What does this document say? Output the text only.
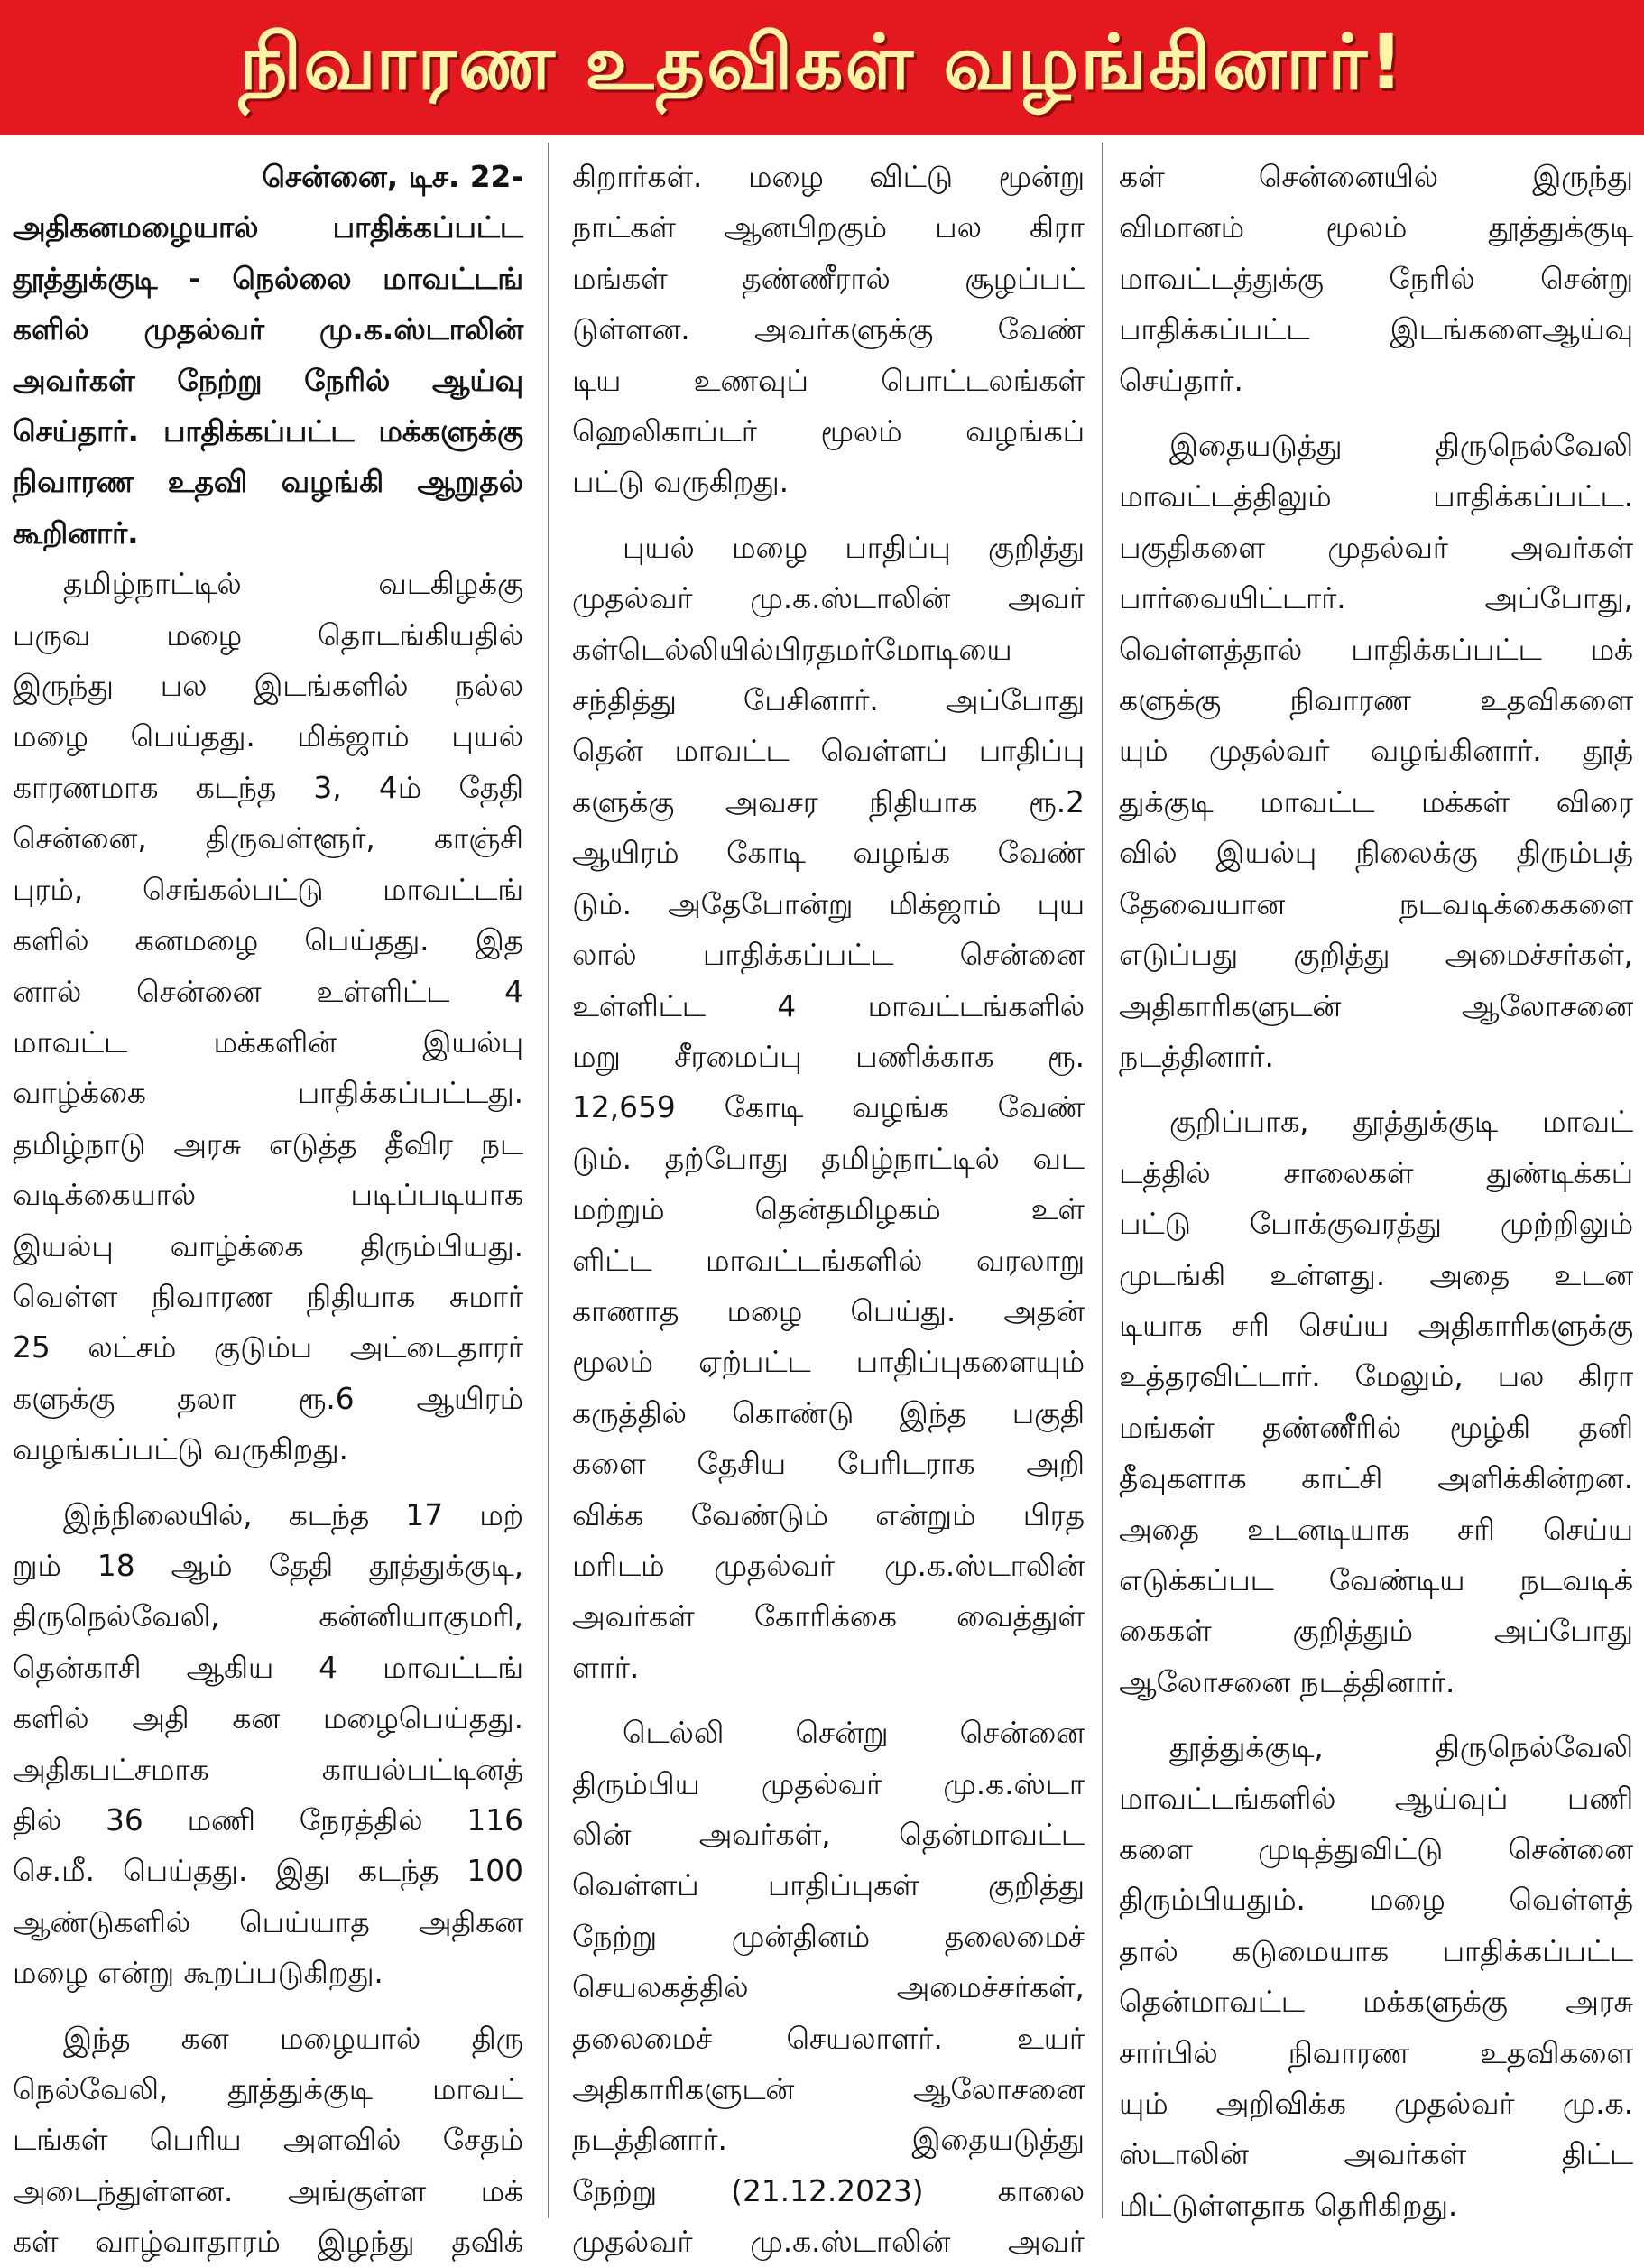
நிவாரண உதவிகள் வழங்கினார்!

சென்னை, டிச. 22-

அதிகனமழையால் பாதிக்கப்பட்ட

தூத்துக்குடி - நெல்லை மாவட்டங்

களில் முதல்வர் மு.க.ஸ்டாலின்

அவர்கள் நேற்று நேரில் ஆய்வு

செய்தார். பாதிக்கப்பட்ட மக்களுக்கு

நிவாரண உதவி வழங்கி ஆறுதல்

கூறினார்.

தமிழ்நாட்டில் வடகிழக்கு

பருவ மழை தொடங்கியதில்

இருந்து பல இடங்களில் நல்ல

மழை பெய்தது. மிக்ஜாம் புயல்

காரணமாக கடந்த 3, 4ம் தேதி

சென்னை, திருவள்ளூர், காஞ்சி

புரம், செங்கல்பட்டு மாவட்டங்

களில் கனமழை பெய்தது. இத

னால் சென்னை உள்ளிட்ட 4

மாவட்ட மக்களின் இயல்பு

வாழ்க்கை பாதிக்கப்பட்டது.

தமிழ்நாடு அரசு எடுத்த தீவிர நட

வடிக்கையால் படிப்படியாக

இயல்பு வாழ்க்கை திரும்பியது.

வெள்ள நிவாரண நிதியாக சுமார்

25 லட்சம் குடும்ப அட்டைதாரர்

களுக்கு தலா ரூ.6 ஆயிரம்

வழங்கப்பட்டு வருகிறது.

இந்நிலையில், கடந்த 17 மற்

றும் 18 ஆம் தேதி தூத்துக்குடி,

திருநெல்வேலி, கன்னியாகுமரி,

தென்காசி ஆகிய 4 மாவட்டங்

களில் அதி கன மழைபெய்தது.

அதிகபட்சமாக காயல்பட்டினத்

தில் 36 மணி நேரத்தில் 116

செ.மீ. பெய்தது. இது கடந்த 100

ஆண்டுகளில் பெய்யாத அதிகன

மழை என்று கூறப்படுகிறது.

இந்த கன மழையால் திரு

நெல்வேலி, தூத்துக்குடி மாவட்

டங்கள் பெரிய அளவில் சேதம்

அடைந்துள்ளன. அங்குள்ள மக்

கள் வாழ்வாதாரம் இழந்து தவிக்

கிறார்கள். மழை விட்டு மூன்று

நாட்கள் ஆனபிறகும் பல கிரா

மங்கள் தண்ணீரால் சூழப்பட்

டுள்ளன. அவர்களுக்கு வேண்

டிய உணவுப் பொட்டலங்கள்

ஹெலிகாப்டர் மூலம் வழங்கப்

பட்டு வருகிறது.

புயல் மழை பாதிப்பு குறித்து

முதல்வர் மு.க.ஸ்டாலின் அவர்

கள்டெல்லியில்பிரதமர்மோடியை

சந்தித்து பேசினார். அப்போது

தென் மாவட்ட வெள்ளப் பாதிப்பு

களுக்கு அவசர நிதியாக ரூ.2

ஆயிரம் கோடி வழங்க வேண்

டும். அதேபோன்று மிக்ஜாம் புய

லால் பாதிக்கப்பட்ட சென்னை

உள்ளிட்ட 4 மாவட்டங்களில்

மறு சீரமைப்பு பணிக்காக ரூ.

12,659 கோடி வழங்க வேண்

டும். தற்போது தமிழ்நாட்டில் வட

மற்றும் தென்தமிழகம் உள்

ளிட்ட மாவட்டங்களில் வரலாறு

காணாத மழை பெய்து. அதன்

மூலம் ஏற்பட்ட பாதிப்புகளையும்

கருத்தில் கொண்டு இந்த பகுதி

களை தேசிய பேரிடராக அறி

விக்க வேண்டும் என்றும் பிரத

மரிடம் முதல்வர் மு.க.ஸ்டாலின்

அவர்கள் கோரிக்கை வைத்துள்

ளார்.

டெல்லி சென்று சென்னை

திரும்பிய முதல்வர் மு.க.ஸ்டா

லின் அவர்கள், தென்மாவட்ட

வெள்ளப் பாதிப்புகள் குறித்து

நேற்று முன்தினம் தலைமைச்

செயலகத்தில் அமைச்சர்கள்,

தலைமைச் செயலாளர். உயர்

அதிகாரிகளுடன் ஆலோசனை

நடத்தினார். இதையடுத்து

நேற்று (21.12.2023) காலை

முதல்வர் மு.க.ஸ்டாலின் அவர்

கள் சென்னையில் இருந்து

விமானம் மூலம் தூத்துக்குடி

மாவட்டத்துக்கு நேரில் சென்று

பாதிக்கப்பட்ட இடங்களைஆய்வு

செய்தார்.

இதையடுத்து திருநெல்வேலி

மாவட்டத்திலும் பாதிக்கப்பட்ட.

பகுதிகளை முதல்வர் அவர்கள்

பார்வையிட்டார். அப்போது,

வெள்ளத்தால் பாதிக்கப்பட்ட மக்

களுக்கு நிவாரண உதவிகளை

யும் முதல்வர் வழங்கினார். தூத்

துக்குடி மாவட்ட மக்கள் விரை

வில் இயல்பு நிலைக்கு திரும்பத்

தேவையான நடவடிக்கைகளை

எடுப்பது குறித்து அமைச்சர்கள்,

அதிகாரிகளுடன் ஆலோசனை

நடத்தினார்.

குறிப்பாக, தூத்துக்குடி மாவட்

டத்தில் சாலைகள் துண்டிக்கப்

பட்டு போக்குவரத்து முற்றிலும்

முடங்கி உள்ளது. அதை உடன

டியாக சரி செய்ய அதிகாரிகளுக்கு

உத்தரவிட்டார். மேலும், பல கிரா

மங்கள் தண்ணீரில் மூழ்கி தனி

தீவுகளாக காட்சி அளிக்கின்றன.

அதை உடனடியாக சரி செய்ய

எடுக்கப்பட வேண்டிய நடவடிக்

கைகள் குறித்தும் அப்போது

ஆலோசனை நடத்தினார்.

தூத்துக்குடி, திருநெல்வேலி

மாவட்டங்களில் ஆய்வுப் பணி

களை முடித்துவிட்டு சென்னை

திரும்பியதும். மழை வெள்ளத்

தால் கடுமையாக பாதிக்கப்பட்ட

தென்மாவட்ட மக்களுக்கு அரசு

சார்பில் நிவாரண உதவிகளை

யும் அறிவிக்க முதல்வர் மு.க.

ஸ்டாலின் அவர்கள் திட்ட

மிட்டுள்ளதாக தெரிகிறது.
